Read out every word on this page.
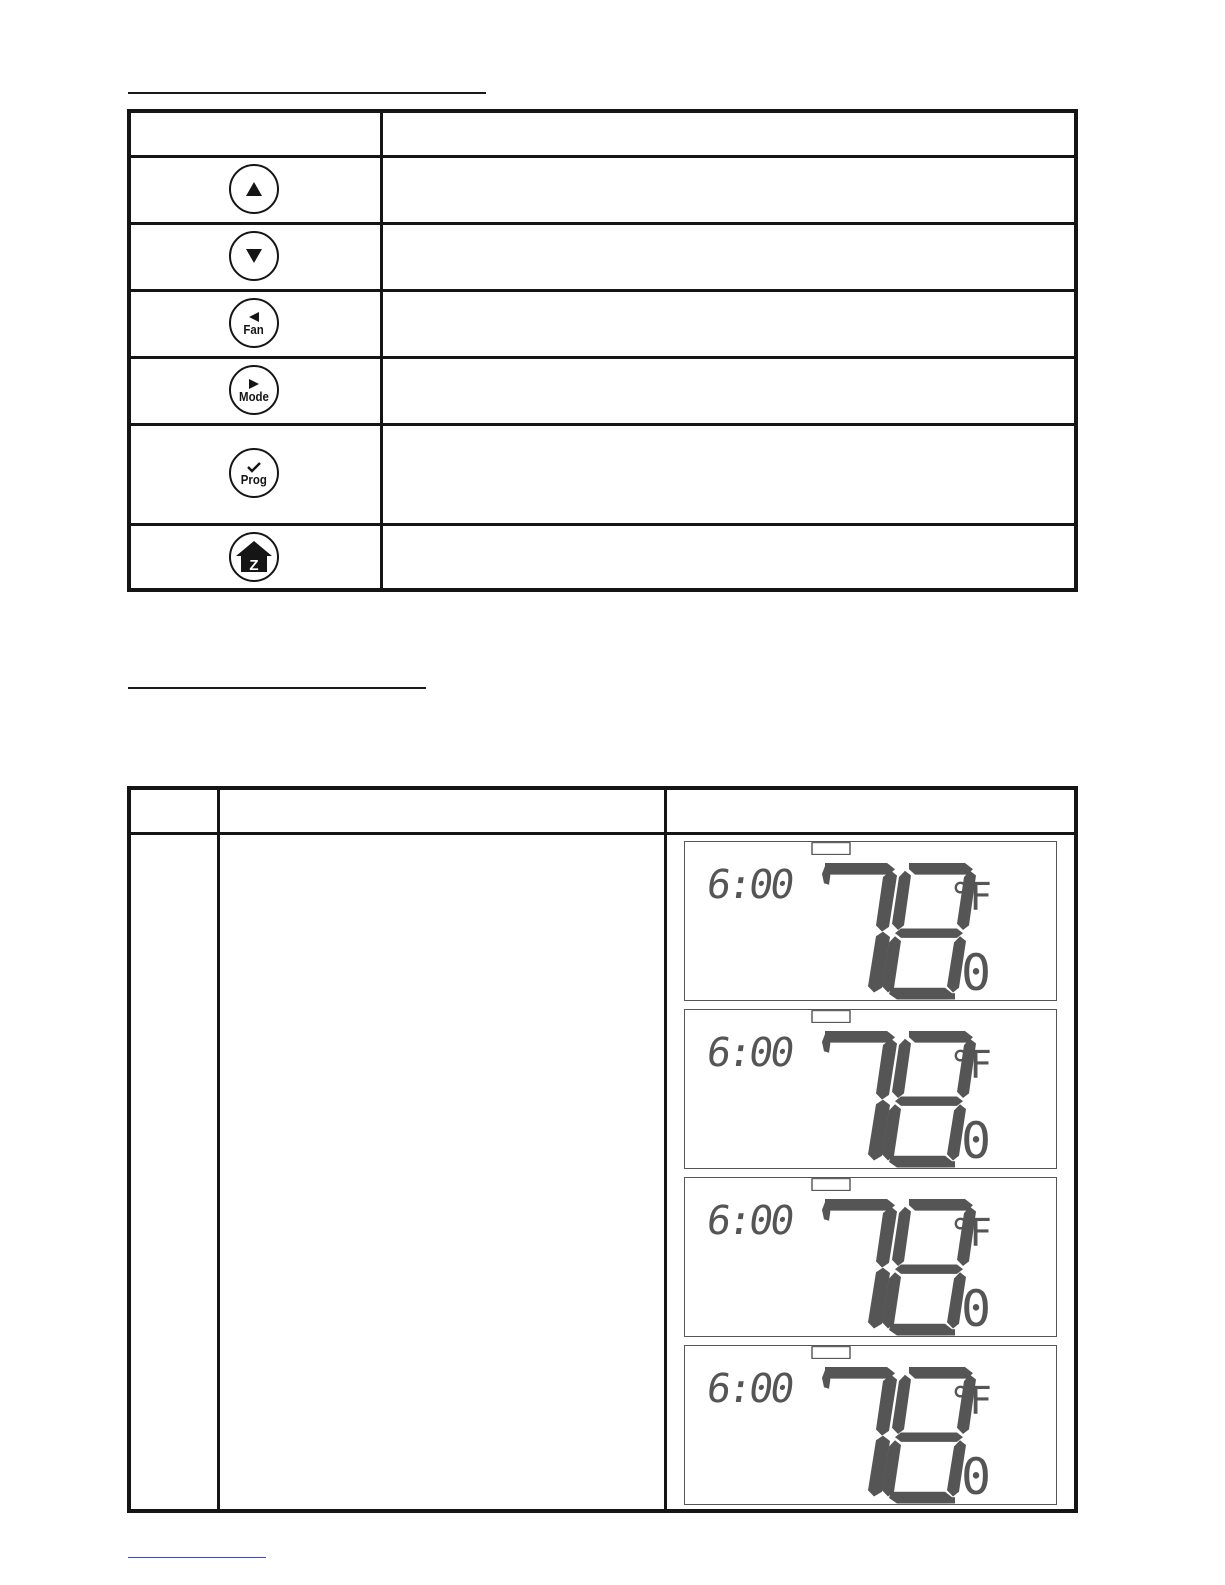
Fan
Mode
Prog
Z
6:00	°F
0
78
6:00	°F
0
78
6:00	°F
0
78
6:00	°F
0
78
